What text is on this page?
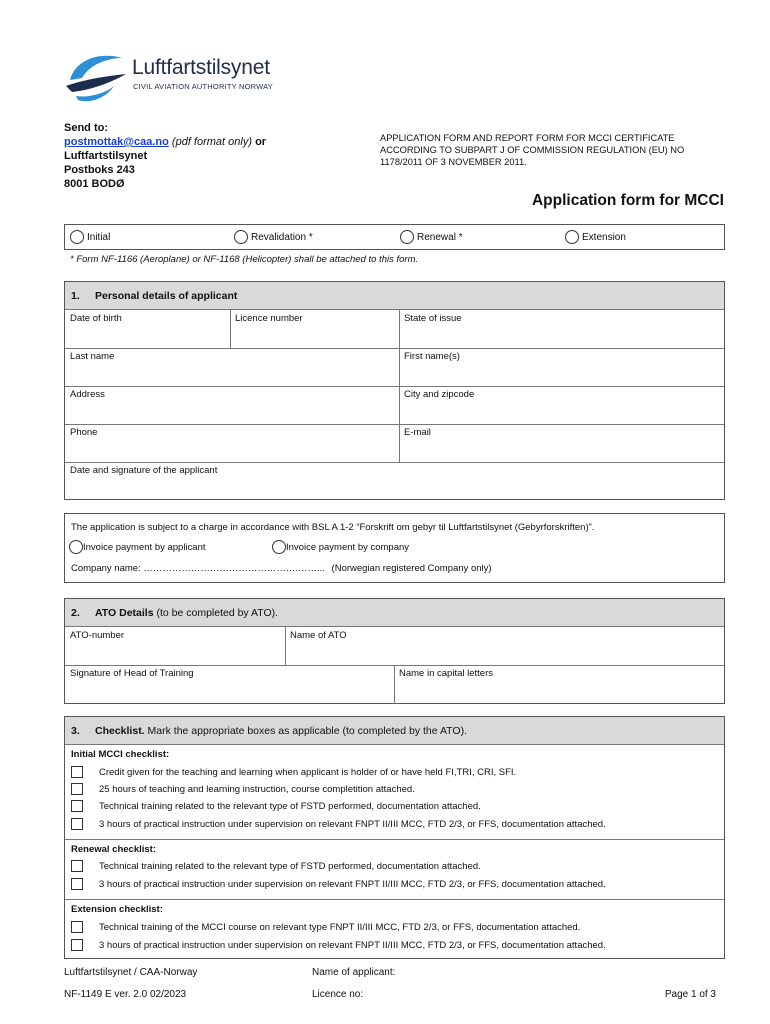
Luftfartstilsynet
CIVIL AVIATION AUTHORITY NORWAY
Send to:
postmottak@caa.no (pdf format only) or
Luftfartstilsynet
Postboks 243
8001 BODØ
APPLICATION FORM AND REPORT FORM FOR MCCI CERTIFICATE ACCORDING TO SUBPART J OF COMMISSION REGULATION (EU) NO 1178/2011 OF 3 NOVEMBER 2011.
Application form for MCCI
Initial	Revalidation *	Renewal *	Extension
* Form NF-1166 (Aeroplane) or NF-1168 (Helicopter) shall be attached to this form.
1. Personal details of applicant
Date of birth	Licence number	State of issue
Last name	First name(s)
Address	City and zipcode
Phone	E-mail
Date and signature of the applicant
The application is subject to a charge in accordance with BSL A 1-2 “Forskrift om gebyr til Luftfartstilsynet (Gebyrforskriften)”.
Invoice payment by applicant	Invoice payment by company
Company name: ………………………………………….……... (Norwegian registered Company only)
2. ATO Details (to be completed by ATO).
ATO-number	Name of ATO
Signature of Head of Training	Name in capital letters
3. Checklist. Mark the appropriate boxes as applicable (to completed by the ATO).
Initial MCCI checklist:
Credit given for the teaching and learning when applicant is holder of or have held FI,TRI, CRI, SFI.
25 hours of teaching and learning instruction, course completition attached.
Technical training related to the relevant type of FSTD performed, documentation attached.
3 hours of practical instruction under supervision on relevant FNPT II/III MCC, FTD 2/3, or FFS, documentation attached.
Renewal checklist:
Technical training related to the relevant type of FSTD performed, documentation attached.
3 hours of practical instruction under supervision on relevant FNPT II/III MCC, FTD 2/3, or FFS, documentation attached.
Extension checklist:
Technical training of the MCCI course on relevant type FNPT II/III MCC, FTD 2/3, or FFS, documentation attached.
3 hours of practical instruction under supervision on relevant FNPT II/III MCC, FTD 2/3, or FFS, documentation attached.
Luftfartstilsynet / CAA-Norway	Name of applicant:
NF-1149 E ver. 2.0 02/2023	Licence no:	Page 1 of 3
